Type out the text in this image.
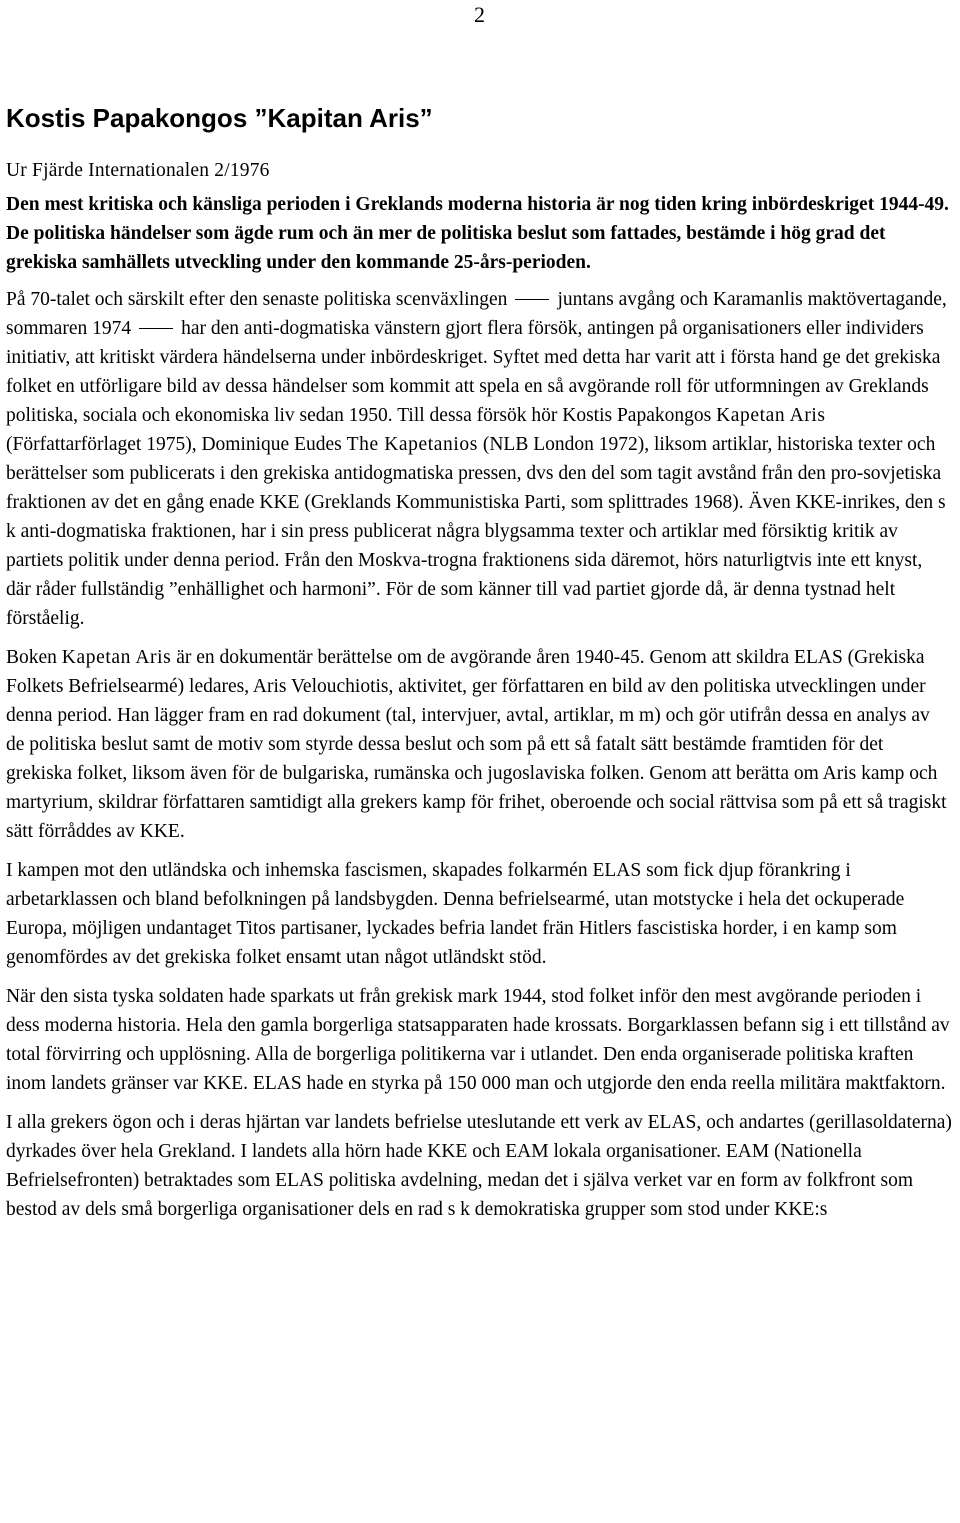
2
Kostis Papakongos ”Kapitan Aris”
Ur Fjärde Internationalen 2/1976
Den mest kritiska och känsliga perioden i Greklands moderna historia är nog tiden kring inbördeskriget 1944-49. De politiska händelser som ägde rum och än mer de politiska beslut som fattades, bestämde i hög grad det grekiska samhällets utveckling under den kommande 25-års-perioden.

På 70-talet och särskilt efter den senaste politiska scenväxlingen	juntans avgång och Karamanlis maktövertagande, sommaren 1974	har den anti-dogmatiska vänstern gjort flera försök, antingen på organisationers eller individers initiativ, att kritiskt värdera händelserna under inbördeskriget. Syftet med detta har varit att i första hand ge det grekiska folket en utförligare bild av dessa händelser som kommit att spela en så avgörande roll för utformningen av Greklands politiska, sociala och ekonomiska liv sedan 1950. Till dessa försök hör Kostis Papakongos Kapetan Aris (Författarförlaget 1975), Dominique Eudes The Kapetanios (NLB London 1972), liksom artiklar, historiska texter och berättelser som publicerats i den grekiska antidogmatiska pressen, dvs den del som tagit avstånd från den pro-sovjetiska fraktionen av det en gång enade KKE (Greklands Kommunistiska Parti, som splittrades 1968). Även KKE-inrikes, den s k anti-dogmatiska fraktionen, har i sin press publicerat några blygsamma texter och artiklar med försiktig kritik av partiets politik under denna period. Från den Moskva-trogna fraktionens sida däremot, hörs naturligtvis inte ett knyst, där råder fullständig ”enhällighet och harmoni”. För de som känner till vad partiet gjorde då, är denna tystnad helt förståelig.

Boken Kapetan Aris är en dokumentär berättelse om de avgörande åren 1940-45. Genom att skildra ELAS (Grekiska Folkets Befrielsearmé) ledares, Aris Velouchiotis, aktivitet, ger författaren en bild av den politiska utvecklingen under denna period. Han lägger fram en rad dokument (tal, intervjuer, avtal, artiklar, m m) och gör utifrån dessa en analys av de politiska beslut samt de motiv som styrde dessa beslut och som på ett så fatalt sätt bestämde framtiden för det grekiska folket, liksom även för de bulgariska, rumänska och jugoslaviska folken. Genom att berätta om Aris kamp och martyrium, skildrar författaren samtidigt alla grekers kamp för frihet, oberoende och social rättvisa som på ett så tragiskt sätt förråddes av KKE.

I kampen mot den utländska och inhemska fascismen, skapades folkarmén ELAS som fick djup förankring i arbetarklassen och bland befolkningen på landsbygden. Denna befrielsearmé, utan motstycke i hela det ockuperade Europa, möjligen undantaget Titos partisaner, lyckades befria landet frän Hitlers fascistiska horder, i en kamp som genomfördes av det grekiska folket ensamt utan något utländskt stöd.

När den sista tyska soldaten hade sparkats ut från grekisk mark 1944, stod folket inför den mest avgörande perioden i dess moderna historia. Hela den gamla borgerliga statsapparaten hade krossats. Borgarklassen befann sig i ett tillstånd av total förvirring och upplösning. Alla de borgerliga politikerna var i utlandet. Den enda organiserade politiska kraften inom landets gränser var KKE. ELAS hade en styrka på 150 000 man och utgjorde den enda reella militära maktfaktorn.

I alla grekers ögon och i deras hjärtan var landets befrielse uteslutande ett verk av ELAS, och andartes (gerillasoldaterna) dyrkades över hela Grekland. I landets alla hörn hade KKE och EAM lokala organisationer. EAM (Nationella Befrielsefronten) betraktades som ELAS politiska avdelning, medan det i själva verket var en form av folkfront som bestod av dels små borgerliga organisationer dels en rad s k demokratiska grupper som stod under KKE:s
